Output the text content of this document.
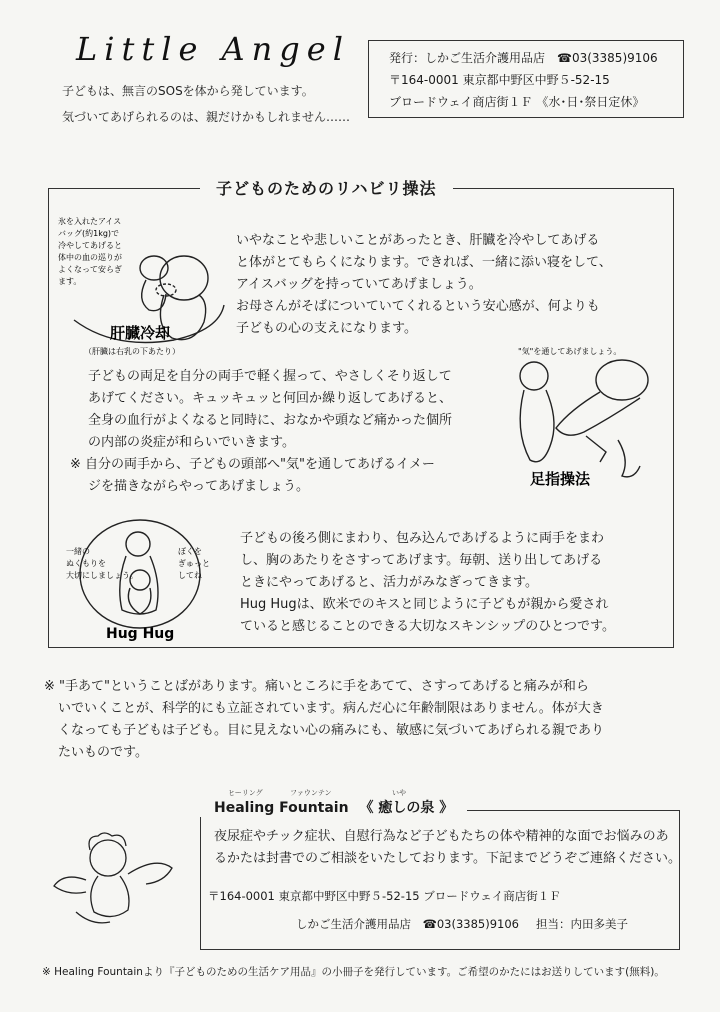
Little Angel
子どもは、無言のSOSを体から発しています。
気づいてあげられるのは、親だけかもしれません……
発行：しかご生活介護用品店　☎03(3385)9106
〒164-0001 東京都中野区中野５-52-15
ブロードウェイ商店街１Ｆ 《水･日･祭日定休》
子どものためのリハビリ操法
氷を入れたアイス
バッグ(約1kg)で
冷やしてあげると
体中の血の巡りが
よくなって安らぎ
ます。
肝臓冷却
（肝臓は右乳の下あたり）
いやなことや悲しいことがあったとき、肝臓を冷やしてあげる
と体がとてもらくになります。できれば、一緒に添い寝をして、
アイスバッグを持っていてあげましょう。
お母さんがそばについていてくれるという安心感が、何よりも
子どもの心の支えになります。
子どもの両足を自分の両手で軽く握って、やさしくそり返して
あげてください。キュッキュッと何回か繰り返してあげると、
全身の血行がよくなると同時に、おなかや頭など痛かった個所
の内部の炎症が和らいでいきます。
※ 自分の両手から、子どもの頭部へ"気"を通してあげるイメー
ジを描きながらやってあげましょう。
"気"を通してあげましょう。
足指操法
一緒の
ぬくもりを
大切にしましょう。
ぼくを
ぎゅっと
してね
Hug Hug
子どもの後ろ側にまわり、包み込んであげるように両手をまわ
し、胸のあたりをさすってあげます。毎朝、送り出してあげる
ときにやってあげると、活力がみなぎってきます。
Hug Hugは、欧米でのキスと同じように子どもが親から愛され
ていると感じることのできる大切なスキンシップのひとつです。
※ "手あて"ということばがあります。痛いところに手をあてて、さすってあげると痛みが和ら
いでいくことが、科学的にも立証されています。病んだ心に年齢制限はありません。体が大き
くなっても子どもは子ども。目に見えない心の痛みにも、敏感に気づいてあげられる親であり
たいものです。
ヒーリング	ファウンテン	いや
Healing Fountain 《 癒しの泉 》
夜尿症やチック症状、自慰行為など子どもたちの体や精神的な面でお悩みのあ
るかたは封書でのご相談をいたしております。下記までどうぞご連絡ください。
〒164-0001 東京都中野区中野５-52-15 ブロードウェイ商店街１Ｆ
しかご生活介護用品店　☎03(3385)9106 担当：内田多美子
※ Healing Fountainより『子どものための生活ケア用品』の小冊子を発行しています。ご希望のかたにはお送りしています(無料)。
